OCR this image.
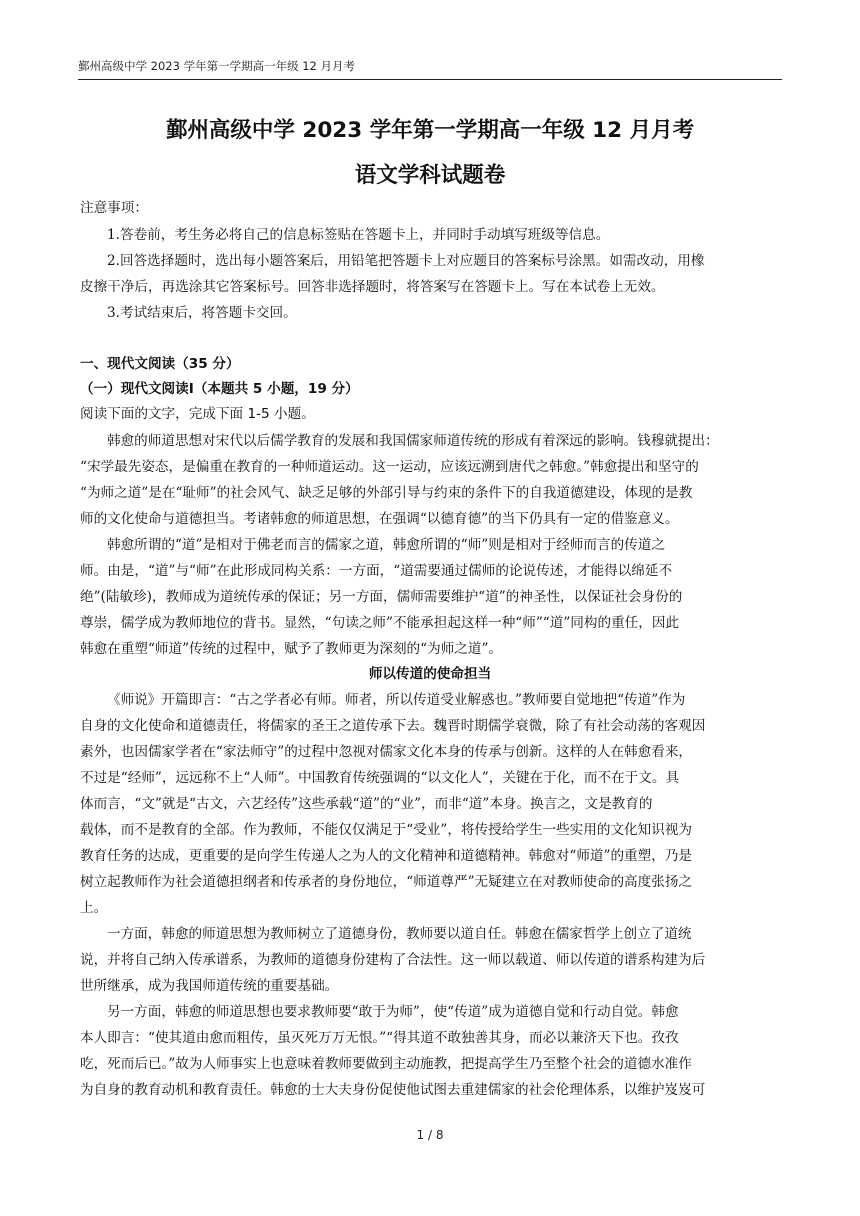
鄞州高级中学 2023 学年第一学期高一年级 12 月月考
鄞州高级中学 2023 学年第一学期高一年级 12 月月考
语文学科试题卷
注意事项：
1.答卷前，考生务必将自己的信息标签贴在答题卡上，并同时手动填写班级等信息。
2.回答选择题时，选出每小题答案后，用铅笔把答题卡上对应题目的答案标号涂黑。如需改动，用橡
皮擦干净后，再选涂其它答案标号。回答非选择题时，将答案写在答题卡上。写在本试卷上无效。
3.考试结束后，将答题卡交回。
一、现代文阅读（35 分）
（一）现代文阅读Ⅰ（本题共 5 小题，19 分）
阅读下面的文字，完成下面 1-5 小题。
韩愈的师道思想对宋代以后儒学教育的发展和我国儒家师道传统的形成有着深远的影响。钱穆就提出：
“宋学最先姿态，是偏重在教育的一种师道运动。这一运动，应该远溯到唐代之韩愈。”韩愈提出和坚守的
“为师之道”是在“耻师”的社会风气、缺乏足够的外部引导与约束的条件下的自我道德建设，体现的是教
师的文化使命与道德担当。考诸韩愈的师道思想，在强调“以德育德”的当下仍具有一定的借鉴意义。
韩愈所谓的“道”是相对于佛老而言的儒家之道，韩愈所谓的“师”则是相对于经师而言的传道之
师。由是，“道”与“师”在此形成同构关系：一方面，“道需要通过儒师的论说传述，才能得以绵延不
绝”(陆敏珍)，教师成为道统传承的保证；另一方面，儒师需要维护“道”的神圣性，以保证社会身份的
尊崇，儒学成为教师地位的背书。显然，“句读之师”不能承担起这样一种“师”“道”同构的重任，因此
韩愈在重塑“师道”传统的过程中，赋予了教师更为深刻的“为师之道”。
师以传道的使命担当
《师说》开篇即言：“古之学者必有师。师者，所以传道受业解惑也。”教师要自觉地把“传道”作为
自身的文化使命和道德责任，将儒家的圣王之道传承下去。魏晋时期儒学衰微，除了有社会动荡的客观因
素外，也因儒家学者在“家法师守”的过程中忽视对儒家文化本身的传承与创新。这样的人在韩愈看来，
不过是“经师”，远远称不上“人师”。中国教育传统强调的“以文化人”，关键在于化，而不在于文。具
体而言，“文”就是“古文，六艺经传”这些承载“道”的“业”，而非“道”本身。换言之，文是教育的
载体，而不是教育的全部。作为教师，不能仅仅满足于“受业”，将传授给学生一些实用的文化知识视为
教育任务的达成，更重要的是向学生传递人之为人的文化精神和道德精神。韩愈对“师道”的重塑，乃是
树立起教师作为社会道德担纲者和传承者的身份地位，“师道尊严”无疑建立在对教师使命的高度张扬之
上。
一方面，韩愈的师道思想为教师树立了道德身份，教师要以道自任。韩愈在儒家哲学上创立了道统
说，并将自己纳入传承谱系，为教师的道德身份建构了合法性。这一师以载道、师以传道的谱系构建为后
世所继承，成为我国师道传统的重要基础。
另一方面，韩愈的师道思想也要求教师要“敢于为师”，使“传道”成为道德自觉和行动自觉。韩愈
本人即言：“使其道由愈而粗传，虽灭死万万无恨。”“得其道不敢独善其身，而必以兼济天下也。孜孜
吃，死而后已。”故为人师事实上也意味着教师要做到主动施教，把提高学生乃至整个社会的道德水准作
为自身的教育动机和教育责任。韩愈的士大夫身份促使他试图去重建儒家的社会伦理体系，以维护岌岌可
1 / 8
